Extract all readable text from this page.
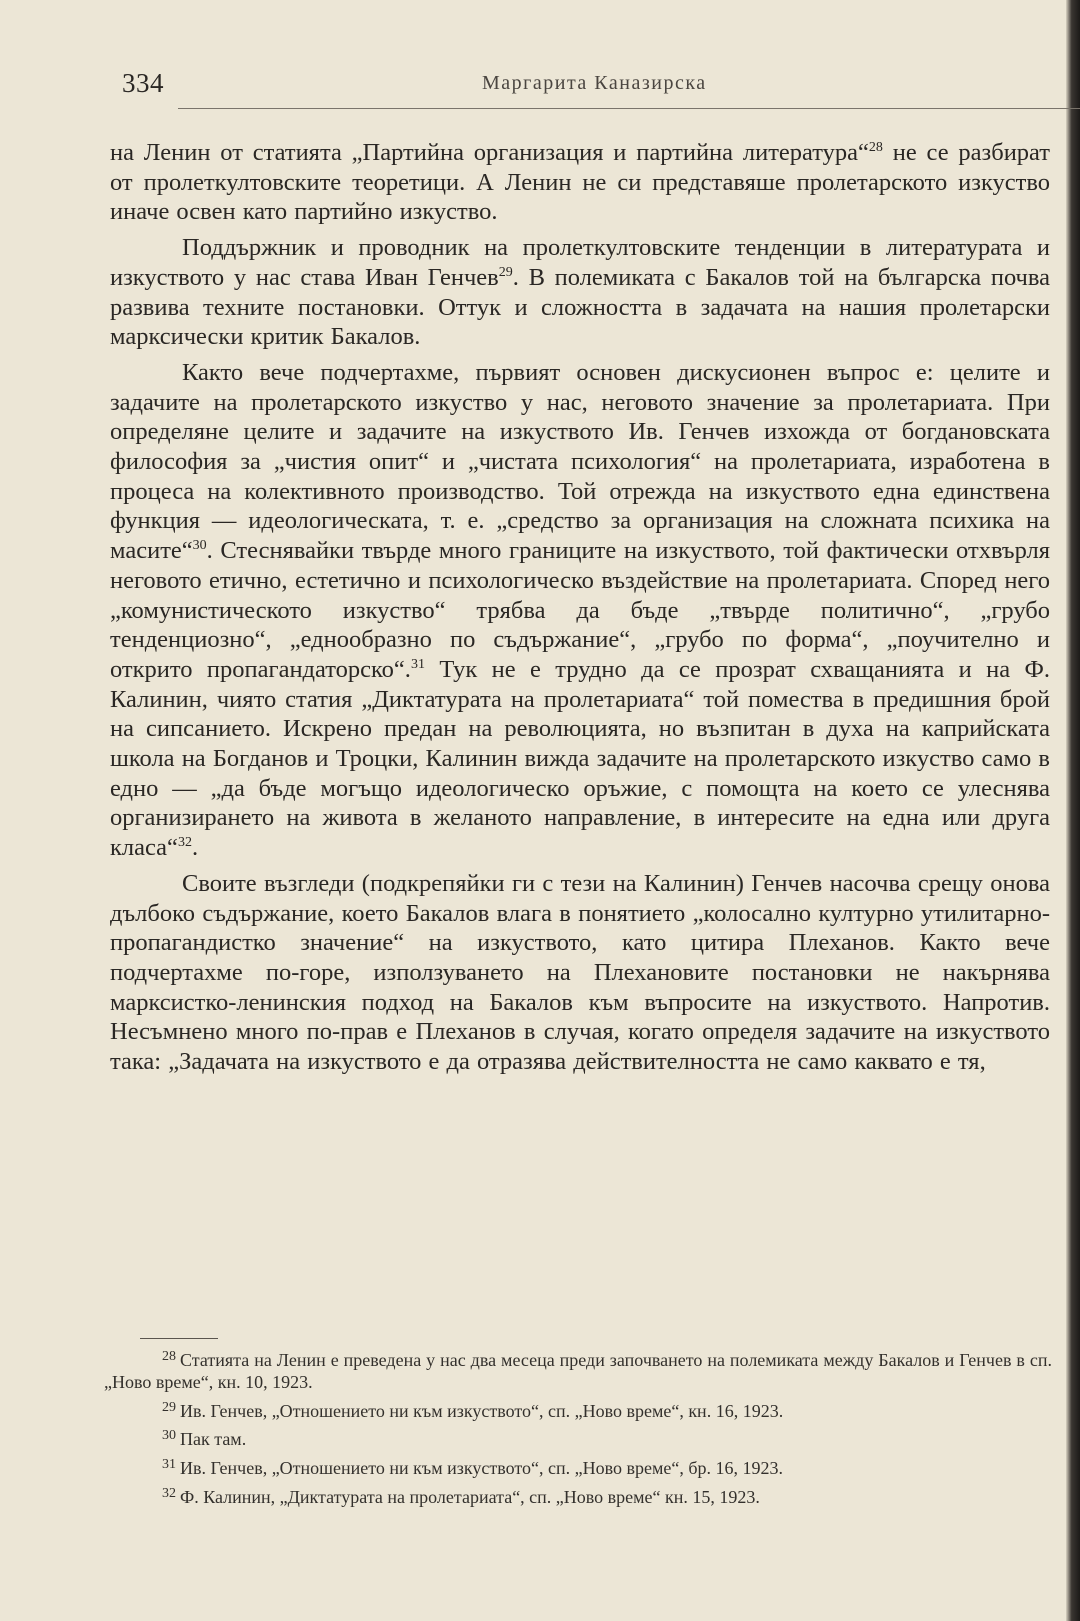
334	Маргарита Каназирска

на Ленин от статията „Партийна организация и партийна литература“$^{28}$ не се разбират от пролеткултовските теоретици. А Ленин не си представяше пролетарското изкуство иначе освен като партийно изкуство.

Поддържник и проводник на пролеткултовските тенденции в литературата и изкуството у нас става Иван Генчев$^{29}$. В полемиката с Бакалов той на българска почва развива техните постановки. Оттук и сложността в задачата на нашия пролетарски марксически критик Бакалов.

Както вече подчертахме, първият основен дискусионен въпрос е: целите и задачите на пролетарското изкуство у нас, неговото значение за пролетариата. При определяне целите и задачите на изкуството Ив. Генчев изхожда от богдановската философия за „чистия опит“ и „чистата психология“ на пролетариата, изработена в процеса на колективното производство. Той отрежда на изкуството една единствена функция — идеологическата, т. е. „средство за организация на сложната психика на масите“$^{30}$. Стеснявайки твърде много границите на изкуството, той фактически отхвърля неговото етично, естетично и психологическо въздействие на пролетариата. Според него „комунистическото изкуство“ трябва да бъде „твърде политично“, „грубо тенденциозно“, „еднообразно по съдържание“, „грубо по форма“, „поучително и открито пропагандаторско“.$^{31}$ Тук не е трудно да се прозрат схващанията и на Ф. Калинин, чиято статия „Диктатурата на пролетариата“ той помества в предишния брой на сипсанието. Искрено предан на революцията, но възпитан в духа на каприйската школа на Богданов и Троцки, Калинин вижда задачите на пролетарското изкуство само в едно — „да бъде могъщо идеологическо оръжие, с помощта на което се улеснява организирането на живота в желаното направление, в интересите на една или друга класа“$^{32}$.

Своите възгледи (подкрепяйки ги с тези на Калинин) Генчев насочва срещу онова дълбоко съдържание, което Бакалов влага в понятието „колосално културно утилитарно-пропагандистко значение“ на изкуството, като цитира Плеханов. Както вече подчертахме по-горе, използуването на Плехановите постановки не накърнява марксистко-ленинския подход на Бакалов към въпросите на изкуството. Напротив. Несъмнено много по-прав е Плеханов в случая, когато определя задачите на изкуството така: „Задачата на изкуството е да отразява действителността не само каквато е тя,

$^{28}$ Статията на Ленин е преведена у нас два месеца преди започването на полемиката между Бакалов и Генчев в сп. „Ново време“, кн. 10, 1923.

$^{29}$ Ив. Генчев, „Отношението ни към изкуството“, сп. „Ново време“, кн. 16, 1923.

$^{30}$ Пак там.

$^{31}$ Ив. Генчев, „Отношението ни към изкуството“, сп. „Ново време“, бр. 16, 1923.

$^{32}$ Ф. Калинин, „Диктатурата на пролетариата“, сп. „Ново време“ кн. 15, 1923.
